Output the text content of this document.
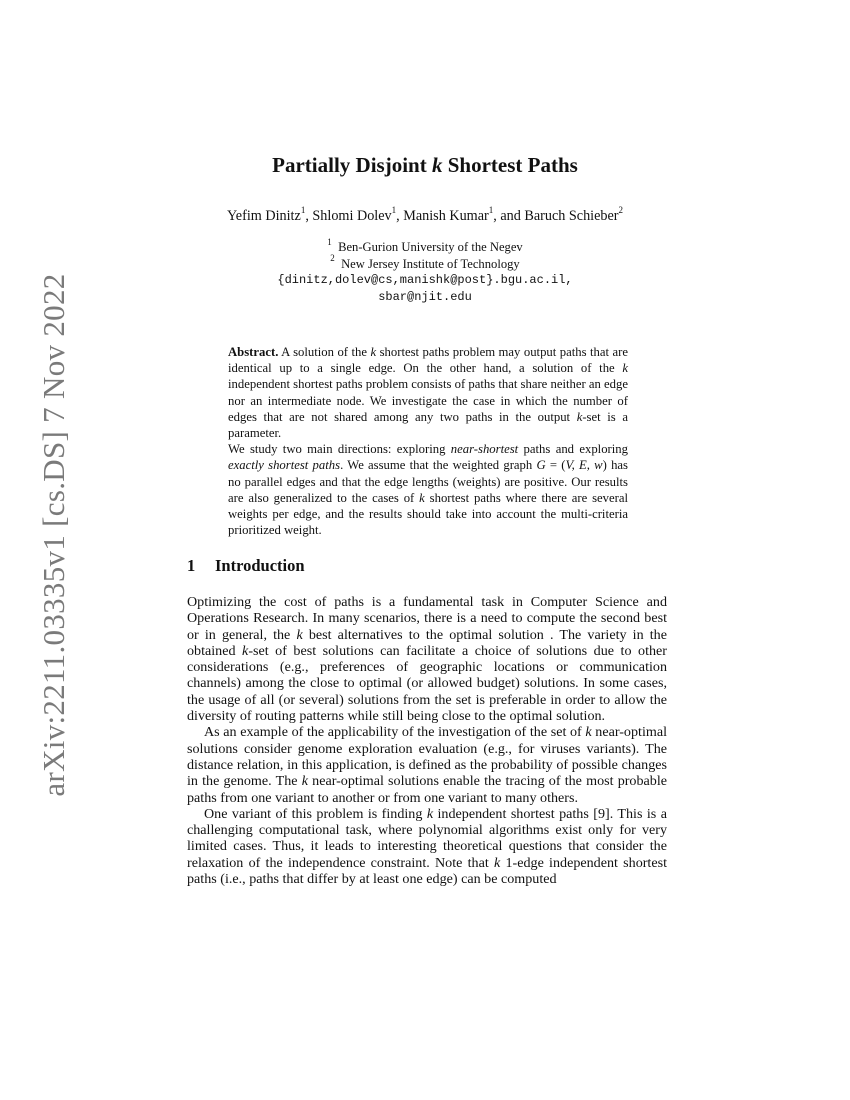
arXiv:2211.03335v1 [cs.DS] 7 Nov 2022
Partially Disjoint k Shortest Paths
Yefim Dinitz$^1$, Shlomi Dolev$^1$, Manish Kumar$^1$, and Baruch Schieber$^2$
$^1$ Ben-Gurion University of the Negev
$^2$ New Jersey Institute of Technology
{dinitz,dolev@cs,manishk@post}.bgu.ac.il,
sbar@njit.edu

Abstract. A solution of the k shortest paths problem may output paths that are identical up to a single edge. On the other hand, a solution of the k independent shortest paths problem consists of paths that share neither an edge nor an intermediate node. We investigate the case in which the number of edges that are not shared among any two paths in the output k-set is a parameter.

We study two main directions: exploring near-shortest paths and exploring exactly shortest paths. We assume that the weighted graph G = (V, E, w) has no parallel edges and that the edge lengths (weights) are positive. Our results are also generalized to the cases of k shortest paths where there are several weights per edge, and the results should take into account the multi-criteria prioritized weight.

1 Introduction

Optimizing the cost of paths is a fundamental task in Computer Science and Operations Research. In many scenarios, there is a need to compute the second best or in general, the k best alternatives to the optimal solution . The variety in the obtained k-set of best solutions can facilitate a choice of solutions due to other considerations (e.g., preferences of geographic locations or communication channels) among the close to optimal (or allowed budget) solutions. In some cases, the usage of all (or several) solutions from the set is preferable in order to allow the diversity of routing patterns while still being close to the optimal solution.

As an example of the applicability of the investigation of the set of k near-optimal solutions consider genome exploration evaluation (e.g., for viruses variants). The distance relation, in this application, is defined as the probability of possible changes in the genome. The k near-optimal solutions enable the tracing of the most probable paths from one variant to another or from one variant to many others.

One variant of this problem is finding k independent shortest paths [9]. This is a challenging computational task, where polynomial algorithms exist only for very limited cases. Thus, it leads to interesting theoretical questions that consider the relaxation of the independence constraint. Note that k 1-edge independent shortest paths (i.e., paths that differ by at least one edge) can be computed
